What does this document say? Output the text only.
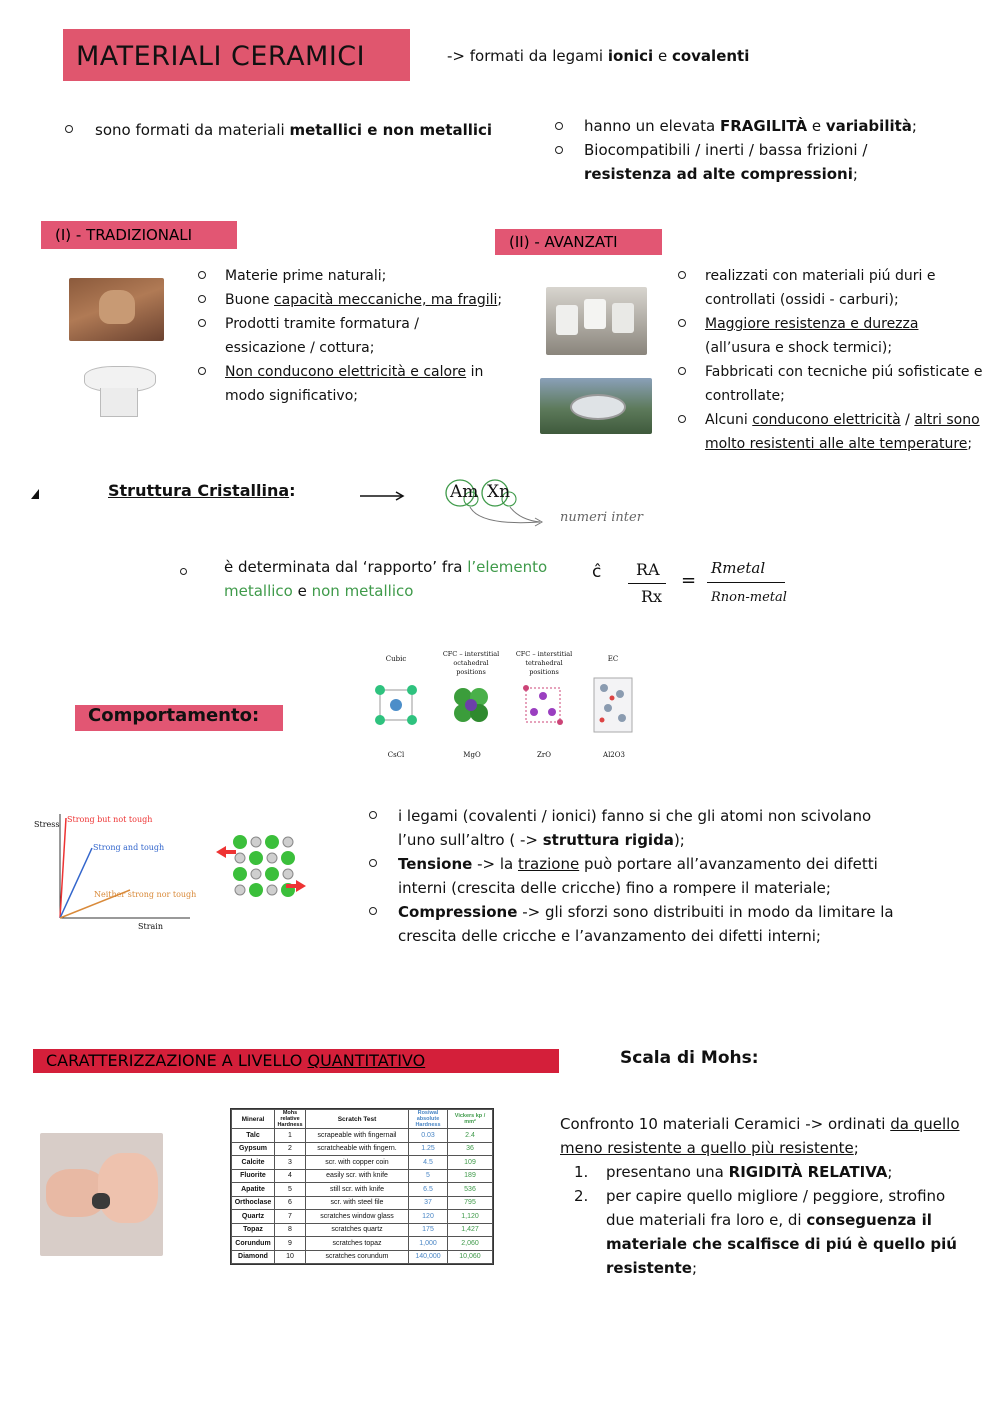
MATERIALI CERAMICI	-> formati da legami ionici e covalenti
sono formati da materiali metallici e non metallici	hanno un elevata FRAGILITÀ e variabilità;
Biocompatibili / inerti / bassa frizioni /
resistenza ad alte compressioni;
(I) - TRADIZIONALI	(II) - AVANZATI
Materie prime naturali;
Buone capacità meccaniche, ma fragili;
Prodotti tramite formatura /
essicazione / cottura;
Non conducono elettricità e calore in
modo significativo;
realizzati con materiali piú duri e
controllati (ossidi - carburi);
Maggiore resistenza e durezza
(all’usura e shock termici);
Fabbricati con tecniche piú sofisticate e
controllate;
Alcuni conducono elettricità / altri sono
molto resistenti alle alte temperature;
Struttura Cristallina:	Am Xn
numeri inter
è determinata dal ‘rapporto’ fra l’elemento
metallico e non metallico
ĉ RA
Rx
=
Rmetal
Rnon-metal
Cubic
CFC – interstitial octahedral positions
CFC – interstitial tetrahedral positions
EC
CsCl	MgO	ZrO	Al2O3
Comportamento:
Stress
Strain
Strong but not tough
Strong and tough
Neither strong nor tough
i legami (covalenti / ionici) fanno si che gli atomi non scivolano
l’uno sull’altro ( -> struttura rigida);
Tensione -> la trazione può portare all’avanzamento dei difetti
interni (crescita delle cricche) fino a rompere il materiale;
Compressione -> gli sforzi sono distribuiti in modo da limitare la
crescita delle cricche e l’avanzamento dei difetti interni;
CARATTERIZZAZIONE A LIVELLO QUANTITATIVO	Scala di Mohs:
Mineral	Mohs relative Hardness	Scratch Test	Rosiwal absolute Hardness	Vickers kp / mm²
Talc	1	scrapeable with fingernail	0.03	2.4
Gypsum	2	scratcheable with fingern.	1.25	36
Calcite	3	scr. with copper coin	4.5	109
Fluorite	4	easily scr. with knife	5	189
Apatite	5	still scr. with knife	6.5	536
Orthoclase	6	scr. with steel file	37	795
Quartz	7	scratches window glass	120	1,120
Topaz	8	scratches quartz	175	1,427
Corundum	9	scratches topaz	1,000	2,060
Diamond	10	scratches corundum	140,000	10,060
Confronto 10 materiali Ceramici -> ordinati da quello
meno resistente a quello più resistente;
1.
2.
presentano una RIGIDITÀ RELATIVA;
per capire quello migliore / peggiore, strofino
due materiali fra loro e, di conseguenza il
materiale che scalfisce di piú è quello piú
resistente;
